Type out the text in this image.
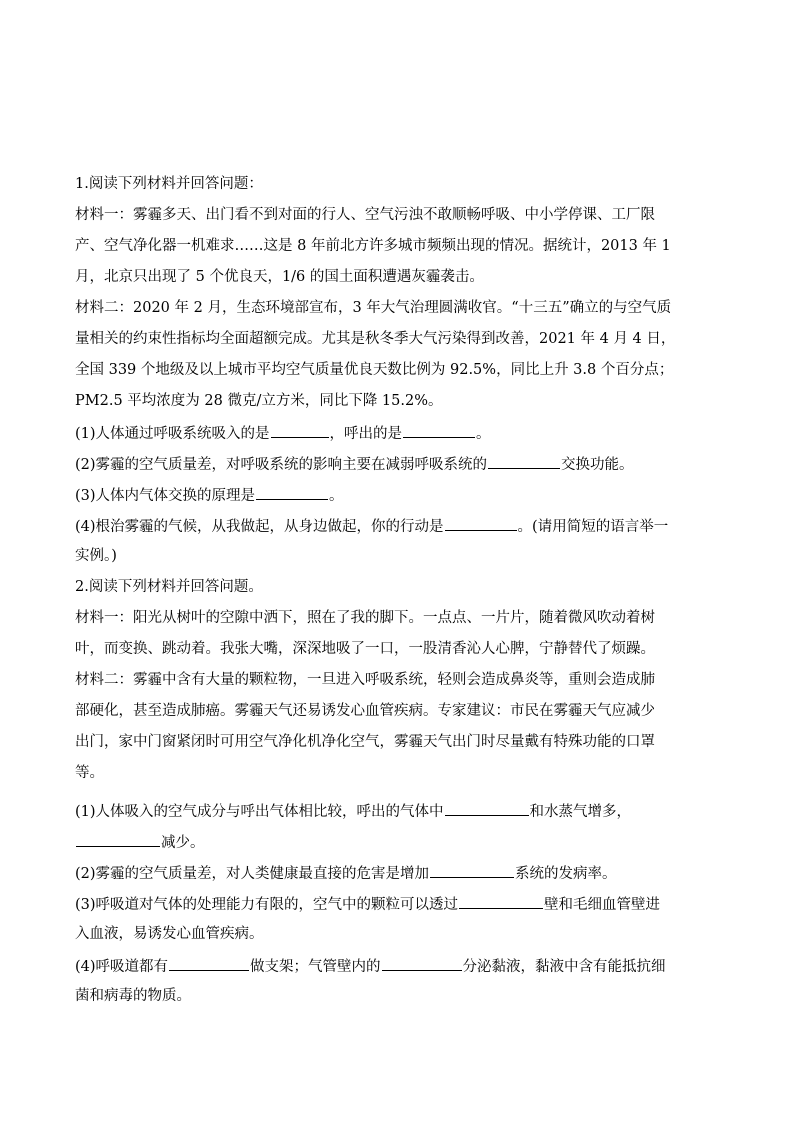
1.阅读下列材料并回答问题：
材料一：雾霾多天、出门看不到对面的行人、空气污浊不敢顺畅呼吸、中小学停课、工厂限
产、空气净化器一机难求……这是 8 年前北方许多城市频频出现的情况。据统计，2013 年 1
月，北京只出现了 5 个优良天，1/6 的国土面积遭遇灰霾袭击。
材料二：2020 年 2 月，生态环境部宣布，3 年大气治理圆满收官。“十三五”确立的与空气质
量相关的约束性指标均全面超额完成。尤其是秋冬季大气污染得到改善，2021 年 4 月 4 日，
全国 339 个地级及以上城市平均空气质量优良天数比例为 92.5%，同比上升 3.8 个百分点；
PM2.5 平均浓度为 28 微克/立方米，同比下降 15.2%。
(1)人体通过呼吸系统吸入的是	，呼出的是	。
(2)雾霾的空气质量差，对呼吸系统的影响主要在减弱呼吸系统的	交换功能。
(3)人体内气体交换的原理是	。
(4)根治雾霾的气候，从我做起，从身边做起，你的行动是	。(请用简短的语言举一
实例。)
2.阅读下列材料并回答问题。
材料一：阳光从树叶的空隙中洒下，照在了我的脚下。一点点、一片片，随着微风吹动着树
叶，而变换、跳动着。我张大嘴，深深地吸了一口，一股清香沁人心脾，宁静替代了烦躁。
材料二：雾霾中含有大量的颗粒物，一旦进入呼吸系统，轻则会造成鼻炎等，重则会造成肺
部硬化，甚至造成肺癌。雾霾天气还易诱发心血管疾病。专家建议：市民在雾霾天气应减少
出门，家中门窗紧闭时可用空气净化机净化空气，雾霾天气出门时尽量戴有特殊功能的口罩
等。
(1)人体吸入的空气成分与呼出气体相比较，呼出的气体中	和水蒸气增多，
减少。
(2)雾霾的空气质量差，对人类健康最直接的危害是增加	系统的发病率。
(3)呼吸道对气体的处理能力有限的，空气中的颗粒可以透过	壁和毛细血管壁进
入血液，易诱发心血管疾病。
(4)呼吸道都有	做支架；气管壁内的	分泌黏液，黏液中含有能抵抗细
菌和病毒的物质。
